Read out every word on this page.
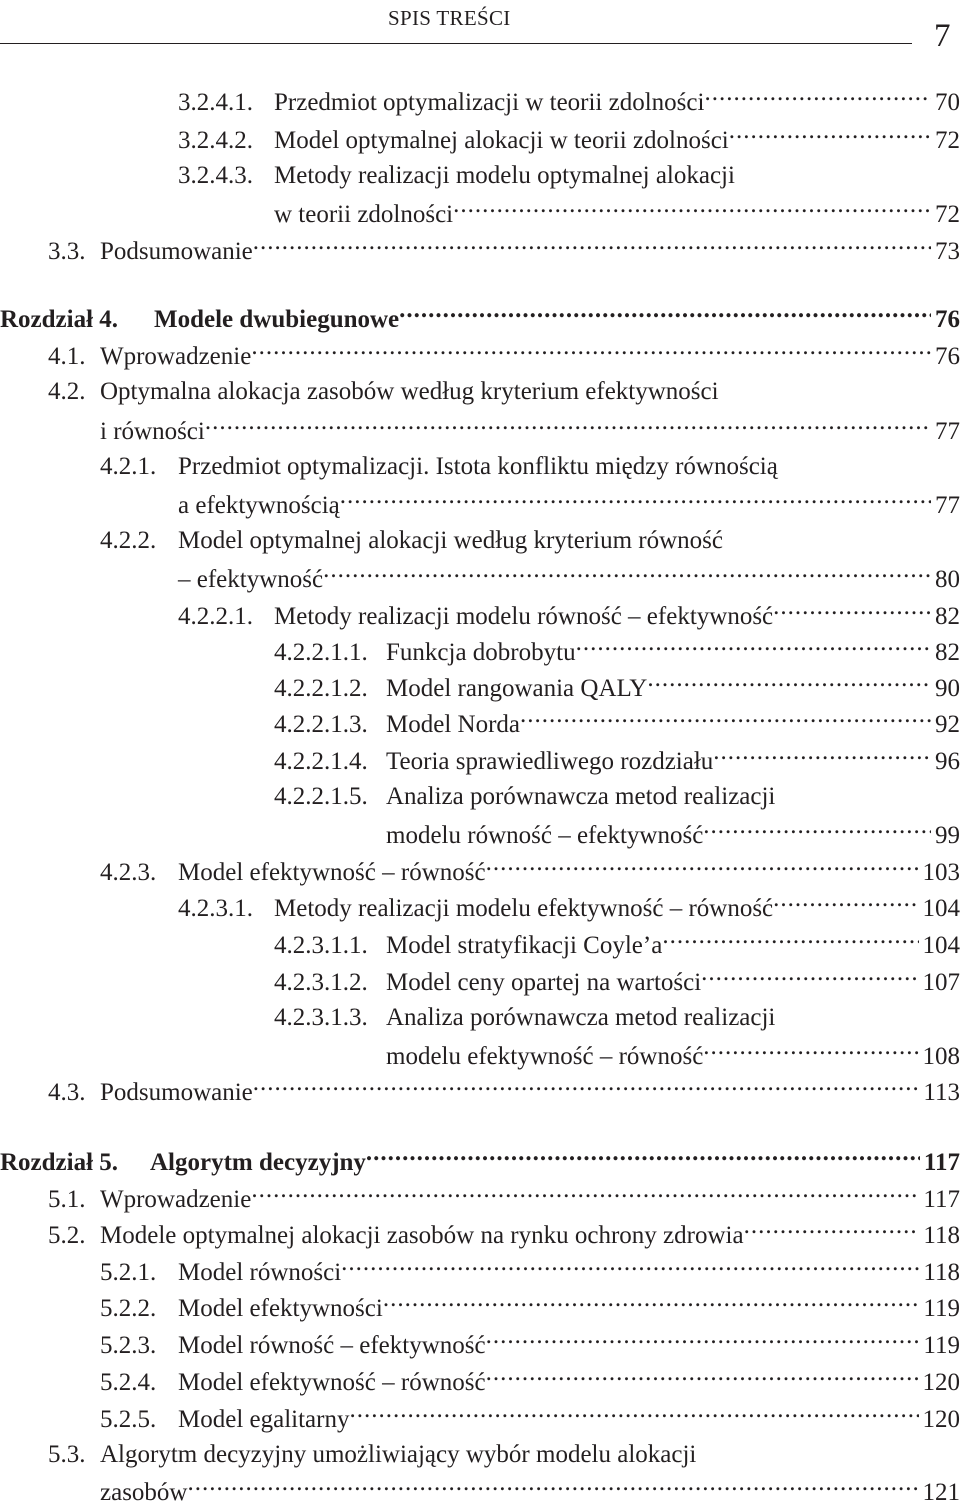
SPIS TREŚCI	7
3.2.4.1. Przedmiot optymalizacji w teorii zdolności .....	70
3.2.4.2. Model optymalnej alokacji w teorii zdolności .....	72
3.2.4.3. Metody realizacji modelu optymalnej alokacji
w teorii zdolności .....	72
3.3. Podsumowanie .....	73
Rozdział 4.	Modele dwubiegunowe .....	76
4.1. Wprowadzenie .....	76
4.2. Optymalna alokacja zasobów według kryterium efektywności
i równości .....	77
4.2.1. Przedmiot optymalizacji. Istota konfliktu między równością
a efektywnością .....	77
4.2.2. Model optymalnej alokacji według kryterium równość
– efektywność .....	80
4.2.2.1. Metody realizacji modelu równość – efektywność .....	82
4.2.2.1.1. Funkcja dobrobytu .....	82
4.2.2.1.2. Model rangowania QALY .....	90
4.2.2.1.3. Model Norda .....	92
4.2.2.1.4. Teoria sprawiedliwego rozdziału .....	96
4.2.2.1.5. Analiza porównawcza metod realizacji
modelu równość – efektywność .....	99
4.2.3. Model efektywność – równość .....	103
4.2.3.1. Metody realizacji modelu efektywność – równość .....	104
4.2.3.1.1. Model stratyfikacji Coyle’a .....	104
4.2.3.1.2. Model ceny opartej na wartości .....	107
4.2.3.1.3. Analiza porównawcza metod realizacji
modelu efektywność – równość .....	108
4.3. Podsumowanie .....	113
Rozdział 5.	Algorytm decyzyjny .....	117
5.1. Wprowadzenie .....	117
5.2. Modele optymalnej alokacji zasobów na rynku ochrony zdrowia .....	118
5.2.1. Model równości .....	118
5.2.2. Model efektywności .....	119
5.2.3. Model równość – efektywność .....	119
5.2.4. Model efektywność – równość .....	120
5.2.5. Model egalitarny .....	120
5.3. Algorytm decyzyjny umożliwiający wybór modelu alokacji
zasobów .....	121
